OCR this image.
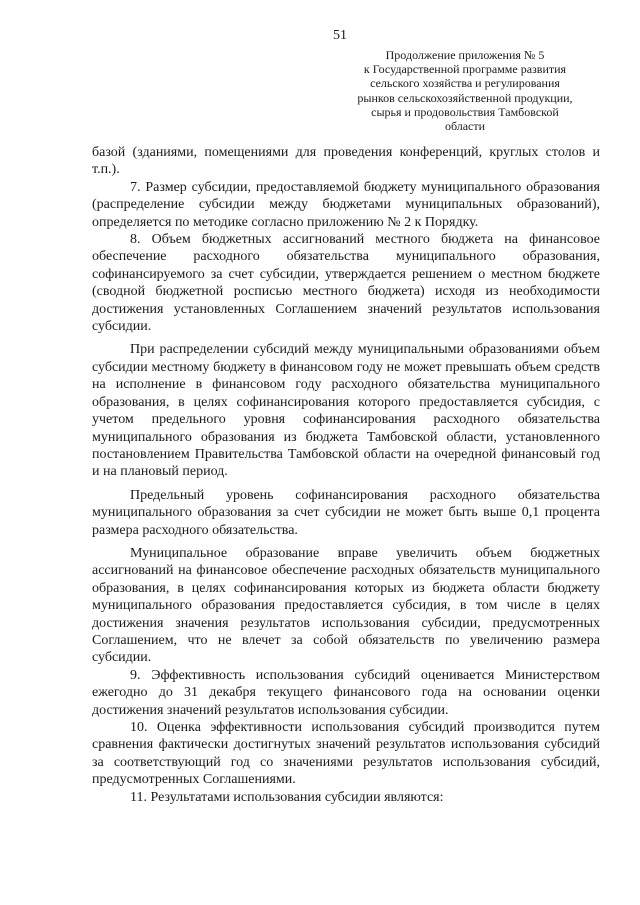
51
Продолжение приложения № 5
к Государственной программе развития
сельского хозяйства и регулирования
рынков сельскохозяйственной продукции,
сырья и продовольствия Тамбовской
области

базой (зданиями, помещениями для проведения конференций, круглых столов и т.п.).

7. Размер субсидии, предоставляемой бюджету муниципального образования (распределение субсидии между бюджетами муниципальных образований), определяется по методике согласно приложению № 2 к Порядку.

8. Объем бюджетных ассигнований местного бюджета на финансовое обеспечение расходного обязательства муниципального образования, софинансируемого за счет субсидии, утверждается решением о местном бюджете (сводной бюджетной росписью местного бюджета) исходя из необходимости достижения установленных Соглашением значений результатов использования субсидии.

При распределении субсидий между муниципальными образованиями объем субсидии местному бюджету в финансовом году не может превышать объем средств на исполнение в финансовом году расходного обязательства муниципального образования, в целях софинансирования которого предоставляется субсидия, с учетом предельного уровня софинансирования расходного обязательства муниципального образования из бюджета Тамбовской области, установленного постановлением Правительства Тамбовской области на очередной финансовый год и на плановый период.

Предельный уровень софинансирования расходного обязательства муниципального образования за счет субсидии не может быть выше 0,1 процента размера расходного обязательства.

Муниципальное образование вправе увеличить объем бюджетных ассигнований на финансовое обеспечение расходных обязательств муниципального образования, в целях софинансирования которых из бюджета области бюджету муниципального образования предоставляется субсидия, в том числе в целях достижения значения результатов использования субсидии, предусмотренных Соглашением, что не влечет за собой обязательств по увеличению размера субсидии.

9. Эффективность использования субсидий оценивается Министерством ежегодно до 31 декабря текущего финансового года на основании оценки достижения значений результатов использования субсидии.

10. Оценка эффективности использования субсидий производится путем сравнения фактически достигнутых значений результатов использования субсидий за соответствующий год со значениями результатов использования субсидий, предусмотренных Соглашениями.

11. Результатами использования субсидии являются:
